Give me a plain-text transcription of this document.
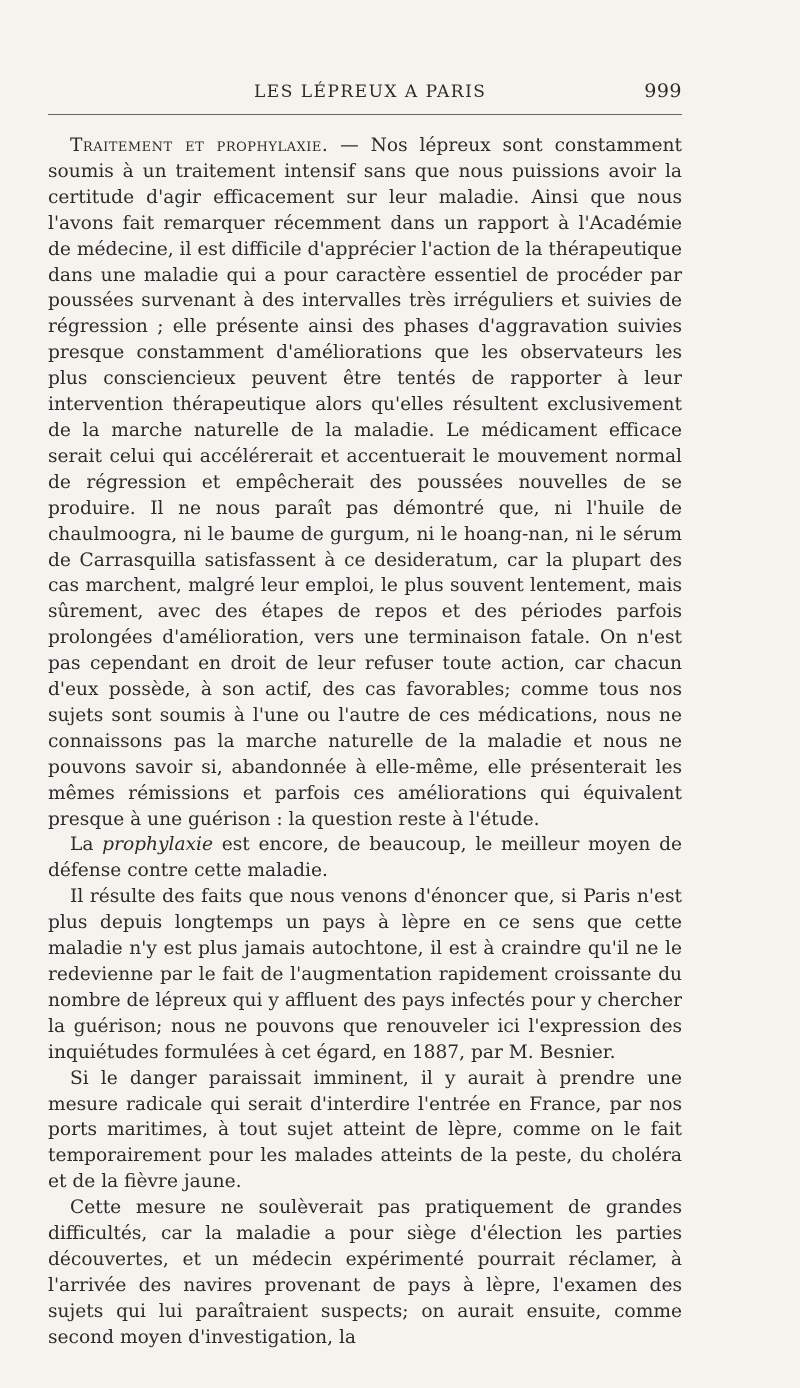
LES LÉPREUX A PARIS	999

Traitement et prophylaxie. — Nos lépreux sont constamment soumis à un traitement intensif sans que nous puissions avoir la certitude d'agir efficacement sur leur maladie. Ainsi que nous l'avons fait remarquer récemment dans un rapport à l'Académie de médecine, il est difficile d'apprécier l'action de la thérapeutique dans une maladie qui a pour caractère essentiel de procéder par poussées survenant à des intervalles très irréguliers et suivies de régression ; elle présente ainsi des phases d'aggravation suivies presque constamment d'améliorations que les observateurs les plus consciencieux peuvent être tentés de rapporter à leur intervention thérapeutique alors qu'elles résultent exclusivement de la marche naturelle de la maladie. Le médicament efficace serait celui qui accélérerait et accentuerait le mouvement normal de régression et empêcherait des poussées nouvelles de se produire. Il ne nous paraît pas démontré que, ni l'huile de chaulmoogra, ni le baume de gurgum, ni le hoang-nan, ni le sérum de Carrasquilla satisfassent à ce desideratum, car la plupart des cas marchent, malgré leur emploi, le plus souvent lentement, mais sûrement, avec des étapes de repos et des périodes parfois prolongées d'amélioration, vers une terminaison fatale. On n'est pas cependant en droit de leur refuser toute action, car chacun d'eux possède, à son actif, des cas favorables; comme tous nos sujets sont soumis à l'une ou l'autre de ces médications, nous ne connaissons pas la marche naturelle de la maladie et nous ne pouvons savoir si, abandonnée à elle-même, elle présenterait les mêmes rémissions et parfois ces améliorations qui équivalent presque à une guérison : la question reste à l'étude.

La prophylaxie est encore, de beaucoup, le meilleur moyen de défense contre cette maladie.

Il résulte des faits que nous venons d'énoncer que, si Paris n'est plus depuis longtemps un pays à lèpre en ce sens que cette maladie n'y est plus jamais autochtone, il est à craindre qu'il ne le redevienne par le fait de l'augmentation rapidement croissante du nombre de lépreux qui y affluent des pays infectés pour y chercher la guérison; nous ne pouvons que renouveler ici l'expression des inquiétudes formulées à cet égard, en 1887, par M. Besnier.

Si le danger paraissait imminent, il y aurait à prendre une mesure radicale qui serait d'interdire l'entrée en France, par nos ports maritimes, à tout sujet atteint de lèpre, comme on le fait temporairement pour les malades atteints de la peste, du choléra et de la fièvre jaune.

Cette mesure ne soulèverait pas pratiquement de grandes difficultés, car la maladie a pour siège d'élection les parties découvertes, et un médecin expérimenté pourrait réclamer, à l'arrivée des navires provenant de pays à lèpre, l'examen des sujets qui lui paraîtraient suspects; on aurait ensuite, comme second moyen d'investigation, la
